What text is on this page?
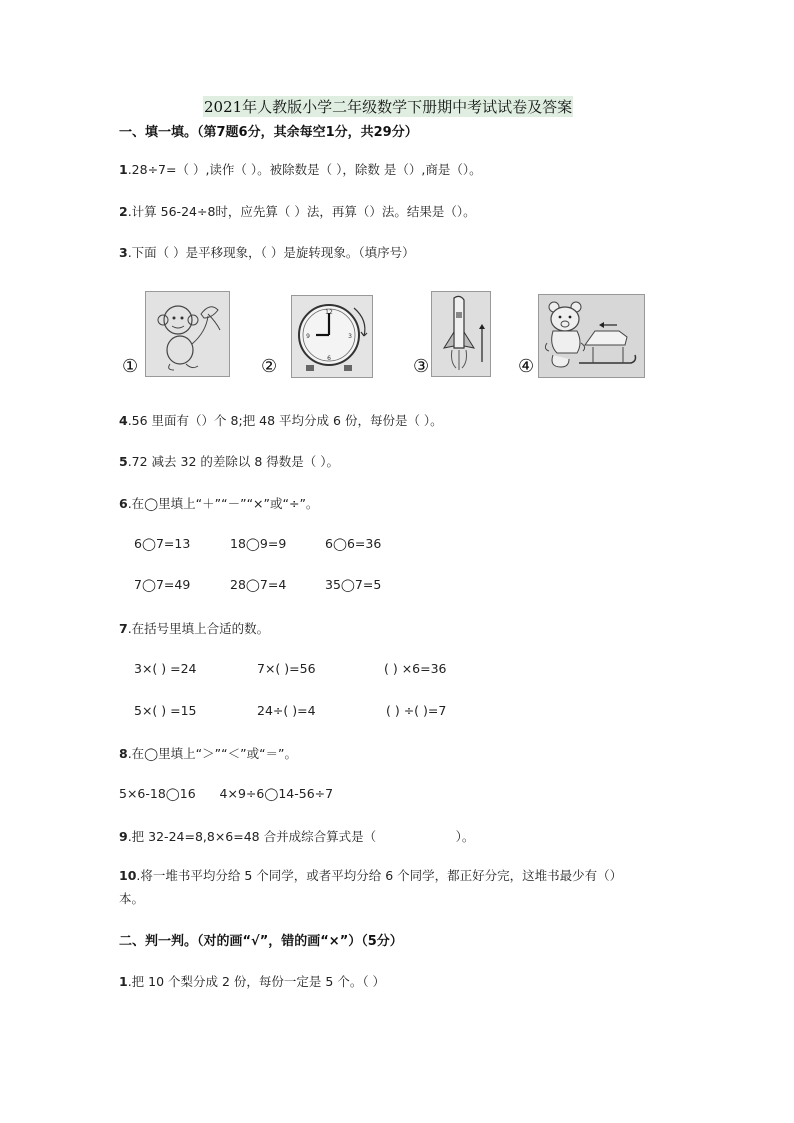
2021年人教版小学二年级数学下册期中考试试卷及答案
一、填一填。（第7题6分，其余每空1分，共29分）
1.28÷7=（ ）,读作（ ）。被除数是（ ），除数 是（）,商是（）。
2.计算 56-24÷8时，应先算（ ）法，再算（）法。结果是（）。
3.下面（ ）是平移现象，（ ）是旋转现象。（填序号）
①
12
3
6
9
②	③	④
4.56 里面有（）个 8;把 48 平均分成 6 份，每份是（ ）。
5.72 减去 32 的差除以 8 得数是（ ）。
6.在◯里填上“＋”“－”“×”或“÷”。
6◯7=13	18◯9=9	6◯6=36
7◯7=49	28◯7=4	35◯7=5
7.在括号里填上合适的数。
3×( ) =24	7×( )=56	( ) ×6=36
5×( ) =15	24÷( )=4	( ) ÷( )=7
8.在◯里填上“＞”“＜”或“＝”。
5×6-18◯16      4×9÷6◯14-56÷7
9.把 32-24=8,8×6=48 合并成综合算式是（                    ）。
10.将一堆书平均分给 5 个同学，或者平均分给 6 个同学，都正好分完，这堆书最少有（）
本。
二、判一判。（对的画“√”，错的画“×”）（5分）
1.把 10 个梨分成 2 份，每份一定是 5 个。（ ）
